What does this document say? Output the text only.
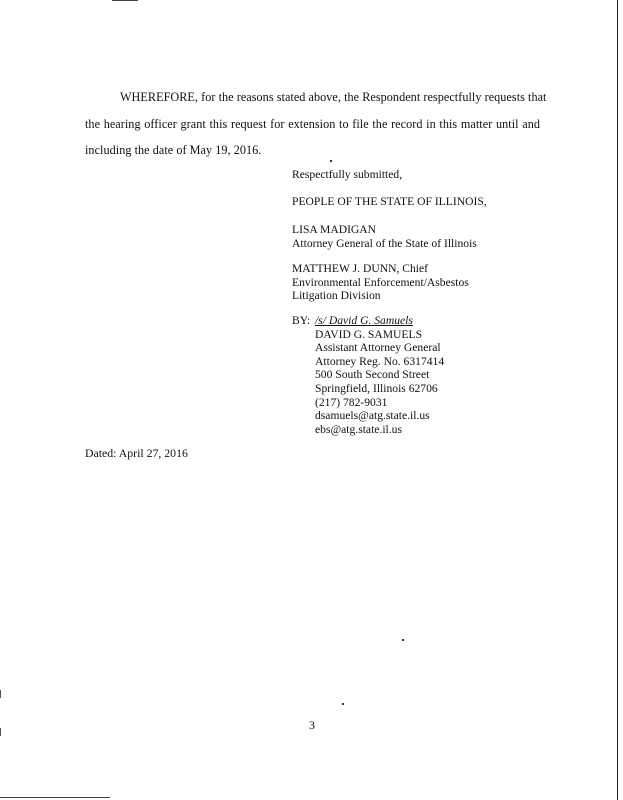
WHEREFORE, for the reasons stated above, the Respondent respectfully requests that
the hearing officer grant this request for extension to file the record in this matter until and
including the date of May 19, 2016.
Respectfully submitted,
PEOPLE OF THE STATE OF ILLINOIS,
LISA MADIGAN
Attorney General of the State of Illinois
MATTHEW J. DUNN, Chief
Environmental Enforcement/Asbestos
Litigation Division
BY: /s/ David G. Samuels
DAVID G. SAMUELS
Assistant Attorney General
Attorney Reg. No. 6317414
500 South Second Street
Springfield, Illinois 62706
(217) 782-9031
dsamuels@atg.state.il.us
ebs@atg.state.il.us
Dated: April 27, 2016
3
